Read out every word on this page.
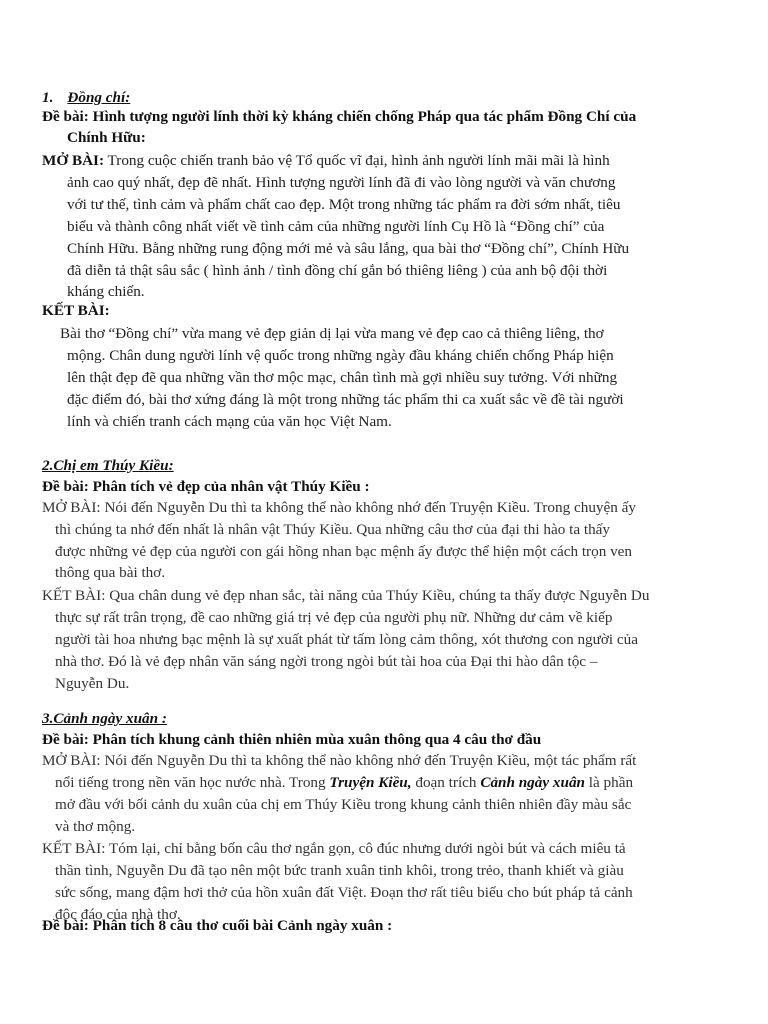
1. Đồng chí:
Đề bài: Hình tượng người lính thời kỳ kháng chiến chống Pháp qua tác phẩm Đồng Chí của
Chính Hữu:
MỞ BÀI: Trong cuộc chiến tranh bảo vệ Tổ quốc vĩ đại, hình ảnh người lính mãi mãi là hình
ảnh cao quý nhất, đẹp đẽ nhất. Hình tượng người lính đã đi vào lòng người và văn chương
với tư thế, tình cảm và phẩm chất cao đẹp. Một trong những tác phẩm ra đời sớm nhất, tiêu
biểu và thành công nhất viết về tình cảm của những người lính Cụ Hồ là “Đồng chí” của
Chính Hữu. Bằng những rung động mới mẻ và sâu lắng, qua bài thơ “Đồng chí”, Chính Hữu
đã diễn tả thật sâu sắc ( hình ảnh / tình đồng chí gắn bó thiêng liêng ) của anh bộ đội thời
kháng chiến.
KẾT BÀI:
Bài thơ “Đồng chí” vừa mang vẻ đẹp giản dị lại vừa mang vẻ đẹp cao cả thiêng liêng, thơ
mộng. Chân dung người lính vệ quốc trong những ngày đầu kháng chiến chống Pháp hiện
lên thật đẹp đẽ qua những vần thơ mộc mạc, chân tình mà gợi nhiều suy tưởng. Với những
đặc điểm đó, bài thơ xứng đáng là một trong những tác phẩm thi ca xuất sắc về đề tài người
lính và chiến tranh cách mạng của văn học Việt Nam.
2.Chị em Thúy Kiều:
Đề bài: Phân tích vẻ đẹp của nhân vật Thúy Kiều :
MỞ BÀI: Nói đến Nguyễn Du thì ta không thể nào không nhớ đến Truyện Kiều. Trong chuyện ấy
thì chúng ta nhớ đến nhất là nhân vật Thúy Kiều. Qua những câu thơ của đại thi hào ta thấy
được những vẻ đẹp của người con gái hồng nhan bạc mệnh ấy được thể hiện một cách trọn ven
thông qua bài thơ.
KẾT BÀI: Qua chân dung vẻ đẹp nhan sắc, tài năng của Thúy Kiều, chúng ta thấy được Nguyễn Du
thực sự rất trân trọng, đề cao những giá trị vẻ đẹp của người phụ nữ. Những dư cảm về kiếp
người tài hoa nhưng bạc mệnh là sự xuất phát từ tấm lòng cảm thông, xót thương con người của
nhà thơ. Đó là vẻ đẹp nhân văn sáng ngời trong ngòi bút tài hoa của Đại thi hào dân tộc –
Nguyễn Du.
3.Cảnh ngày xuân :
Đề bài: Phân tích khung cảnh thiên nhiên mùa xuân thông qua 4 câu thơ đầu
MỞ BÀI: Nói đến Nguyễn Du thì ta không thể nào không nhớ đến Truyện Kiều, một tác phẩm rất
nổi tiếng trong nền văn học nước nhà. Trong Truyện Kiều, đoạn trích Cảnh ngày xuân là phần
mở đầu với bối cảnh du xuân của chị em Thúy Kiều trong khung cảnh thiên nhiên đầy màu sắc
và thơ mộng.
KẾT BÀI: Tóm lại, chỉ bằng bốn câu thơ ngắn gọn, cô đúc nhưng dưới ngòi bút và cách miêu tả
thần tình, Nguyễn Du đã tạo nên một bức tranh xuân tinh khôi, trong trẻo, thanh khiết và giàu
sức sống, mang đậm hơi thở của hồn xuân đất Việt. Đoạn thơ rất tiêu biểu cho bút pháp tả cảnh
độc đáo của nhà thơ.
Đề bài: Phân tích 8 câu thơ cuối bài Cảnh ngày xuân :
